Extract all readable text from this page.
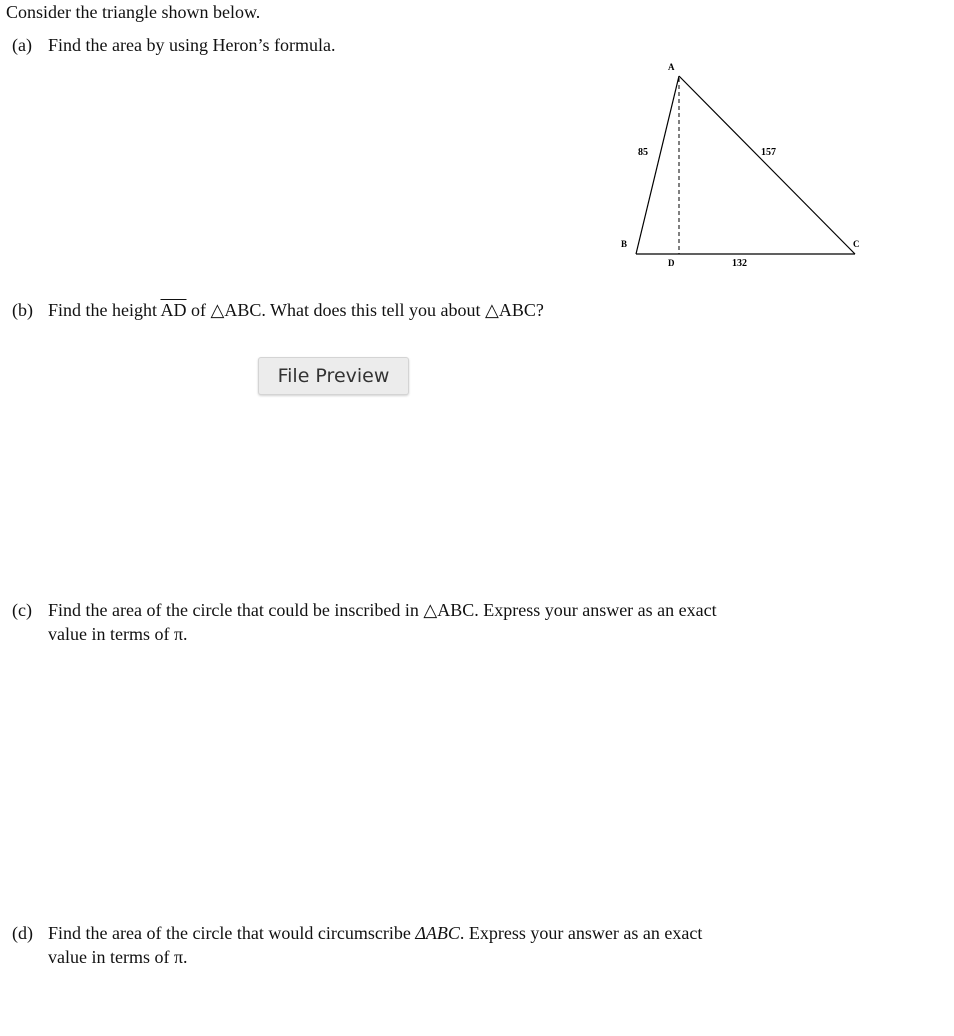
Consider the triangle shown below.
(a) Find the area by using Heron’s formula.
A
B	C
D
85	157
132
(b) Find the height $\overline{AD}$ of △ABC. What does this tell you about △ABC?
File Preview
(c) Find the area of the circle that could be inscribed in △ABC. Express your answer as an exact
value in terms of π.
(d) Find the area of the circle that would circumscribe ΔABC. Express your answer as an exact
value in terms of π.
